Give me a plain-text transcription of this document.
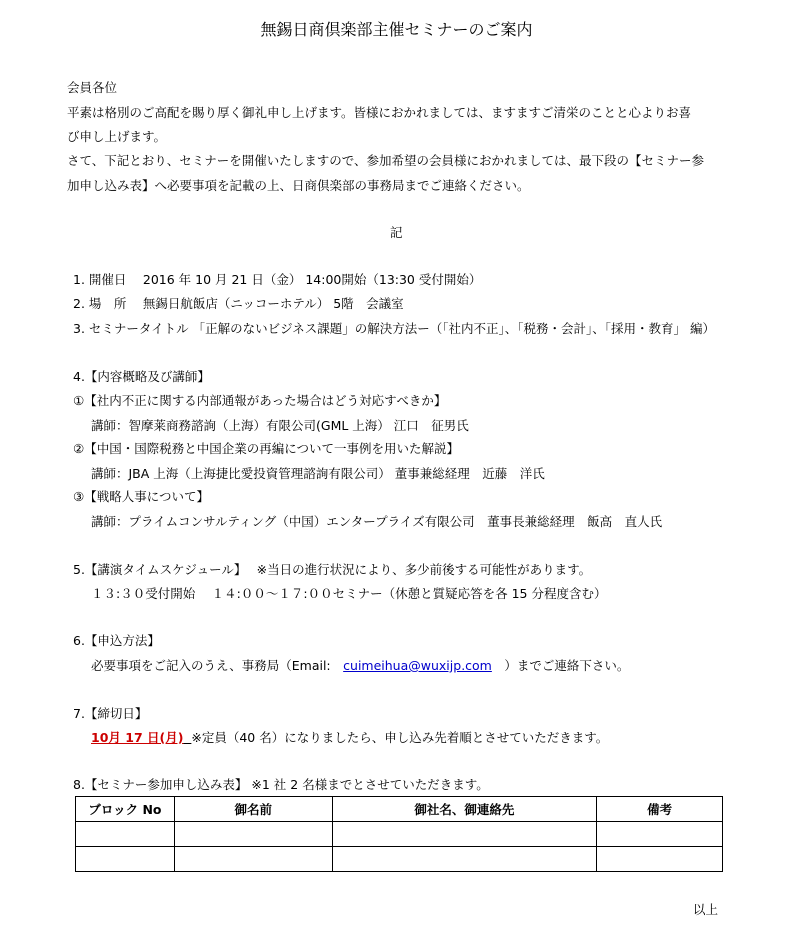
無錫日商倶楽部主催セミナーのご案内
会員各位
平素は格別のご高配を賜り厚く御礼申し上げます。皆様におかれましては、ますますご清栄のことと心よりお喜
び申し上げます。
さて、下記とおり、セミナーを開催いたしますので、参加希望の会員様におかれましては、最下段の【セミナー参
加申し込み表】へ必要事項を記載の上、日商倶楽部の事務局までご連絡ください。
記
1. 開催日　 2016 年 10 月 21 日（金） 14:00開始（13:30 受付開始）
2. 場　所　 無錫日航飯店（ニッコーホテル） 5階　会議室
3. セミナータイトル 「正解のないビジネス課題」の解決方法ー（「社内不正」、「税務・会計」、「採用・教育」 編）
4.【内容概略及び講師】
①【社内不正に関する内部通報があった場合はどう対応すべきか】
講師：智摩莱商務諮詢（上海）有限公司(GML 上海） 江口　征男氏
②【中国・国際税務と中国企業の再編について一事例を用いた解説】
講師：JBA 上海（上海捷比愛投資管理諮詢有限公司） 董事兼総経理　近藤　洋氏
③【戦略人事について】
講師：プライムコンサルティング（中国）エンタープライズ有限公司　董事長兼総経理　飯高　直人氏
5.【講演タイムスケジュール】　 ※当日の進行状況により、多少前後する可能性があります。
１３:３０受付開始　 １４:００～１７:００セミナー（休憩と質疑応答を各 15 分程度含む）
6.【申込方法】
必要事項をご記入のうえ、事務局（Email:　cuimeihua@wuxijp.com　）までご連絡下さい。
7.【締切日】
10月 17 日(月) ※定員（40 名）になりましたら、申し込み先着順とさせていただきます。
8.【セミナー参加申し込み表】 ※1 社 2 名様までとさせていただきます。
ブロック No	御名前	御社名、御連絡先	備考

以上
